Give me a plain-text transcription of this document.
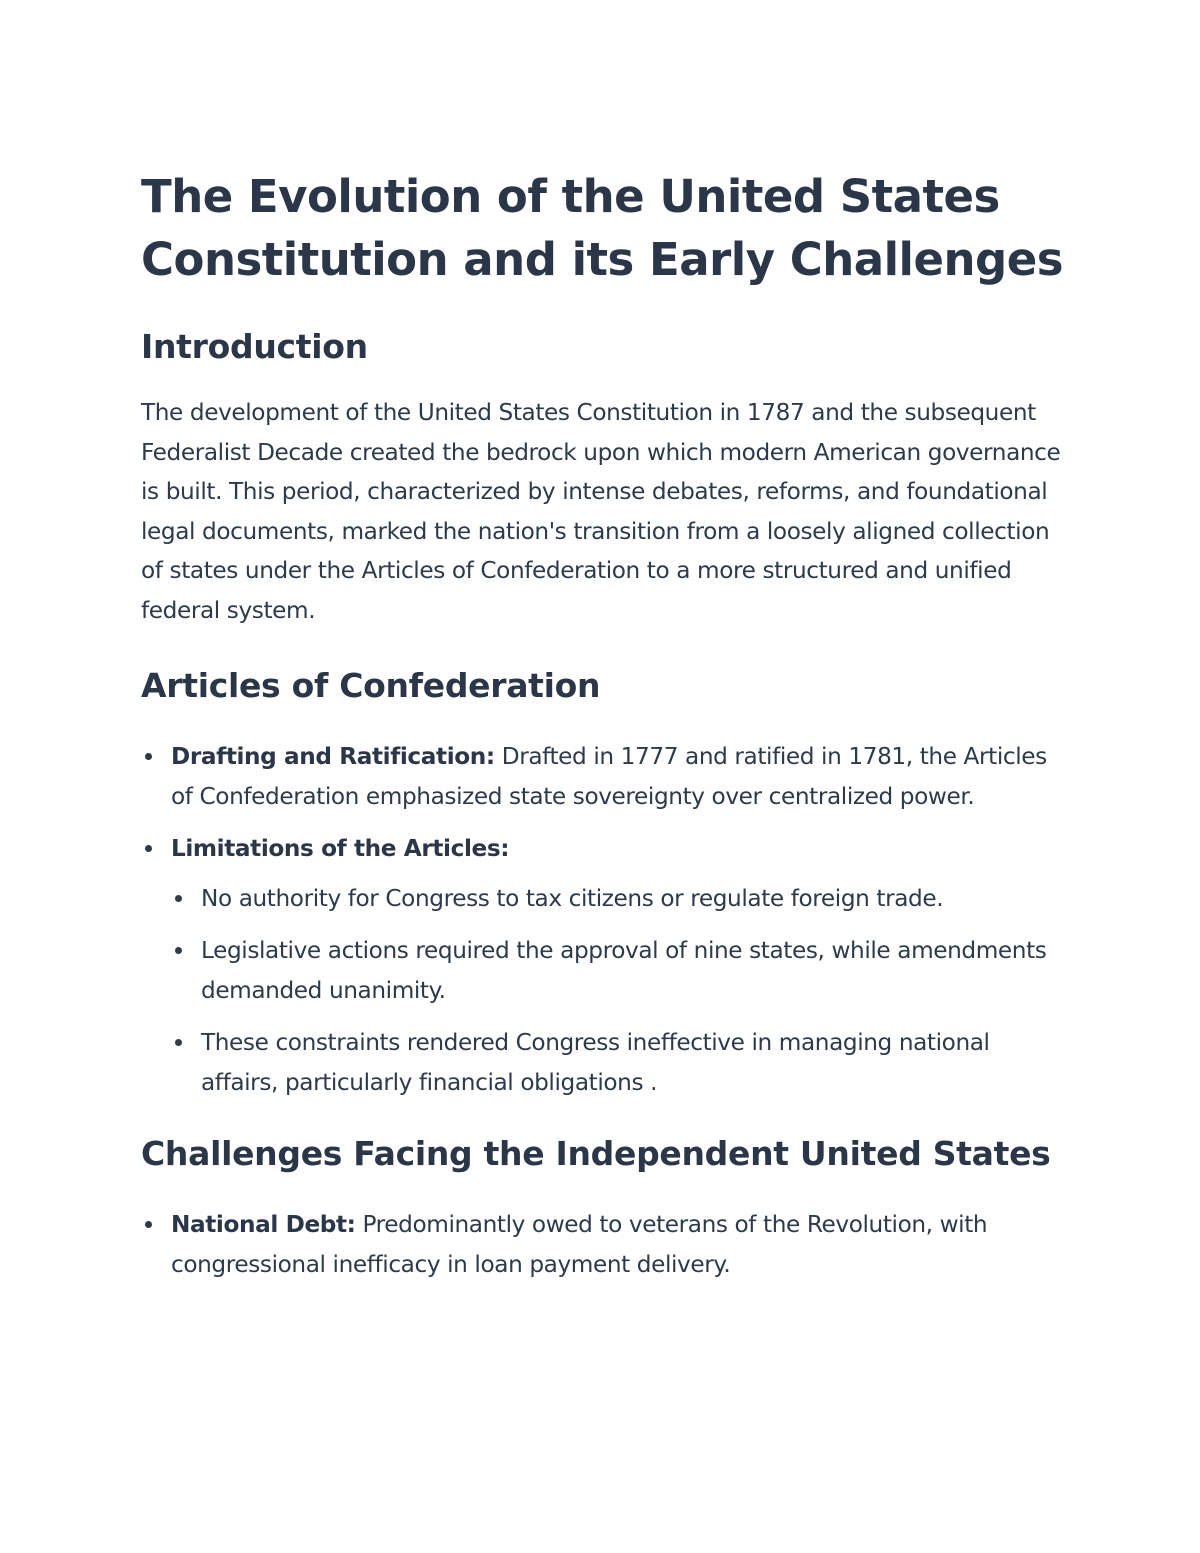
The Evolution of the United States Constitution and its Early Challenges
Introduction

The development of the United States Constitution in 1787 and the subsequent Federalist Decade created the bedrock upon which modern American governance is built. This period, characterized by intense debates, reforms, and foundational legal documents, marked the nation's transition from a loosely aligned collection of states under the Articles of Confederation to a more structured and unified federal system.

Articles of Confederation
Drafting and Ratification: Drafted in 1777 and ratified in 1781, the Articles of Confederation emphasized state sovereignty over centralized power.
Limitations of the Articles:
No authority for Congress to tax citizens or regulate foreign trade.
Legislative actions required the approval of nine states, while amendments demanded unanimity.
These constraints rendered Congress ineffective in managing national affairs, particularly financial obligations .
Challenges Facing the Independent United States
National Debt: Predominantly owed to veterans of the Revolution, with congressional inefficacy in loan payment delivery.
